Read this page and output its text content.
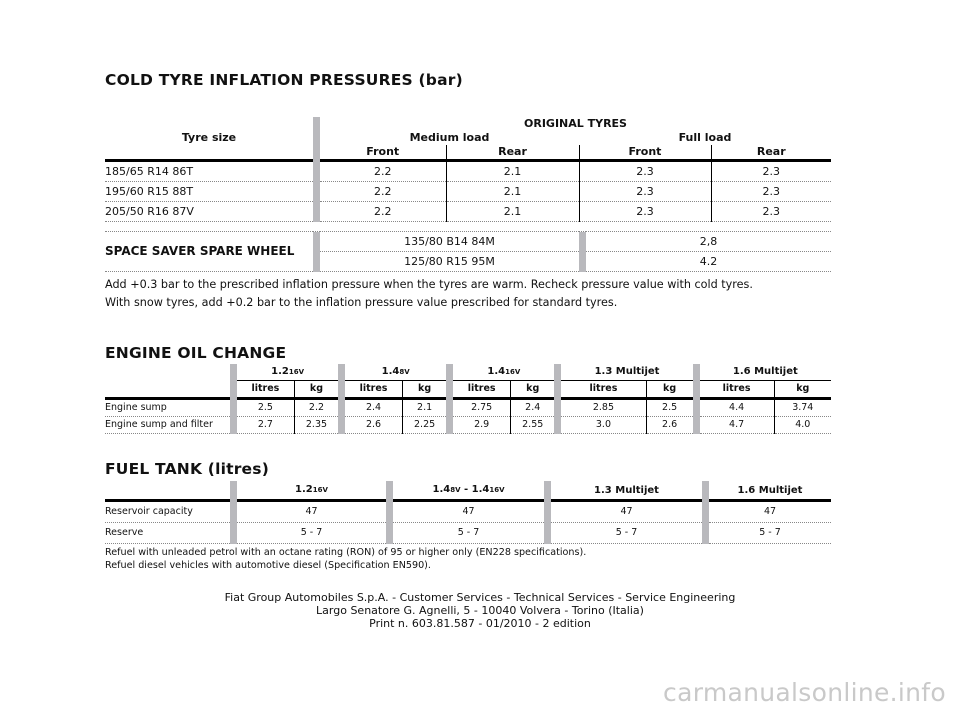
COLD TYRE INFLATION PRESSURES (bar)
		ORIGINAL TYRES			
Tyre size		Medium load		Full load	
		Front	Rear	Front	Rear
185/65 R14 86T		2.2	2.1	2.3	2.3
195/60 R15 88T		2.2	2.1	2.3	2.3
205/50 R16 87V		2.2	2.1	2.3	2.3
SPACE SAVER SPARE WHEEL		135/80 B14 84M		2,8
		125/80 R15 95M		4.2
Add +0.3 bar to the prescribed inflation pressure when the tyres are warm. Recheck pressure value with cold tyres.
With snow tyres, add +0.2 bar to the inflation pressure value prescribed for standard tyres.
ENGINE OIL CHANGE
		1.216V			1.48V			1.416V			1.3 Multijet			1.6 Multijet	
		litres	kg		litres	kg		litres	kg		litres	kg		litres	kg
Engine sump		2.5	2.2		2.4	2.1		2.75	2.4		2.85	2.5		4.4	3.74
Engine sump and filter		2.7	2.35		2.6	2.25		2.9	2.55		3.0	2.6		4.7	4.0
FUEL TANK (litres)
		1.216V		1.48V - 1.416V		1.3 Multijet		1.6 Multijet
Reservoir capacity		47		47		47		47
Reserve		5 - 7		5 - 7		5 - 7		5 - 7
Refuel with unleaded petrol with an octane rating (RON) of 95 or higher only (EN228 specifications).
Refuel diesel vehicles with automotive diesel (Specification EN590).
Fiat Group Automobiles S.p.A. - Customer Services - Technical Services - Service Engineering
Largo Senatore G. Agnelli, 5 - 10040 Volvera - Torino (Italia)
Print n. 603.81.587 - 01/2010 - 2 edition
carmanualsonline.info
